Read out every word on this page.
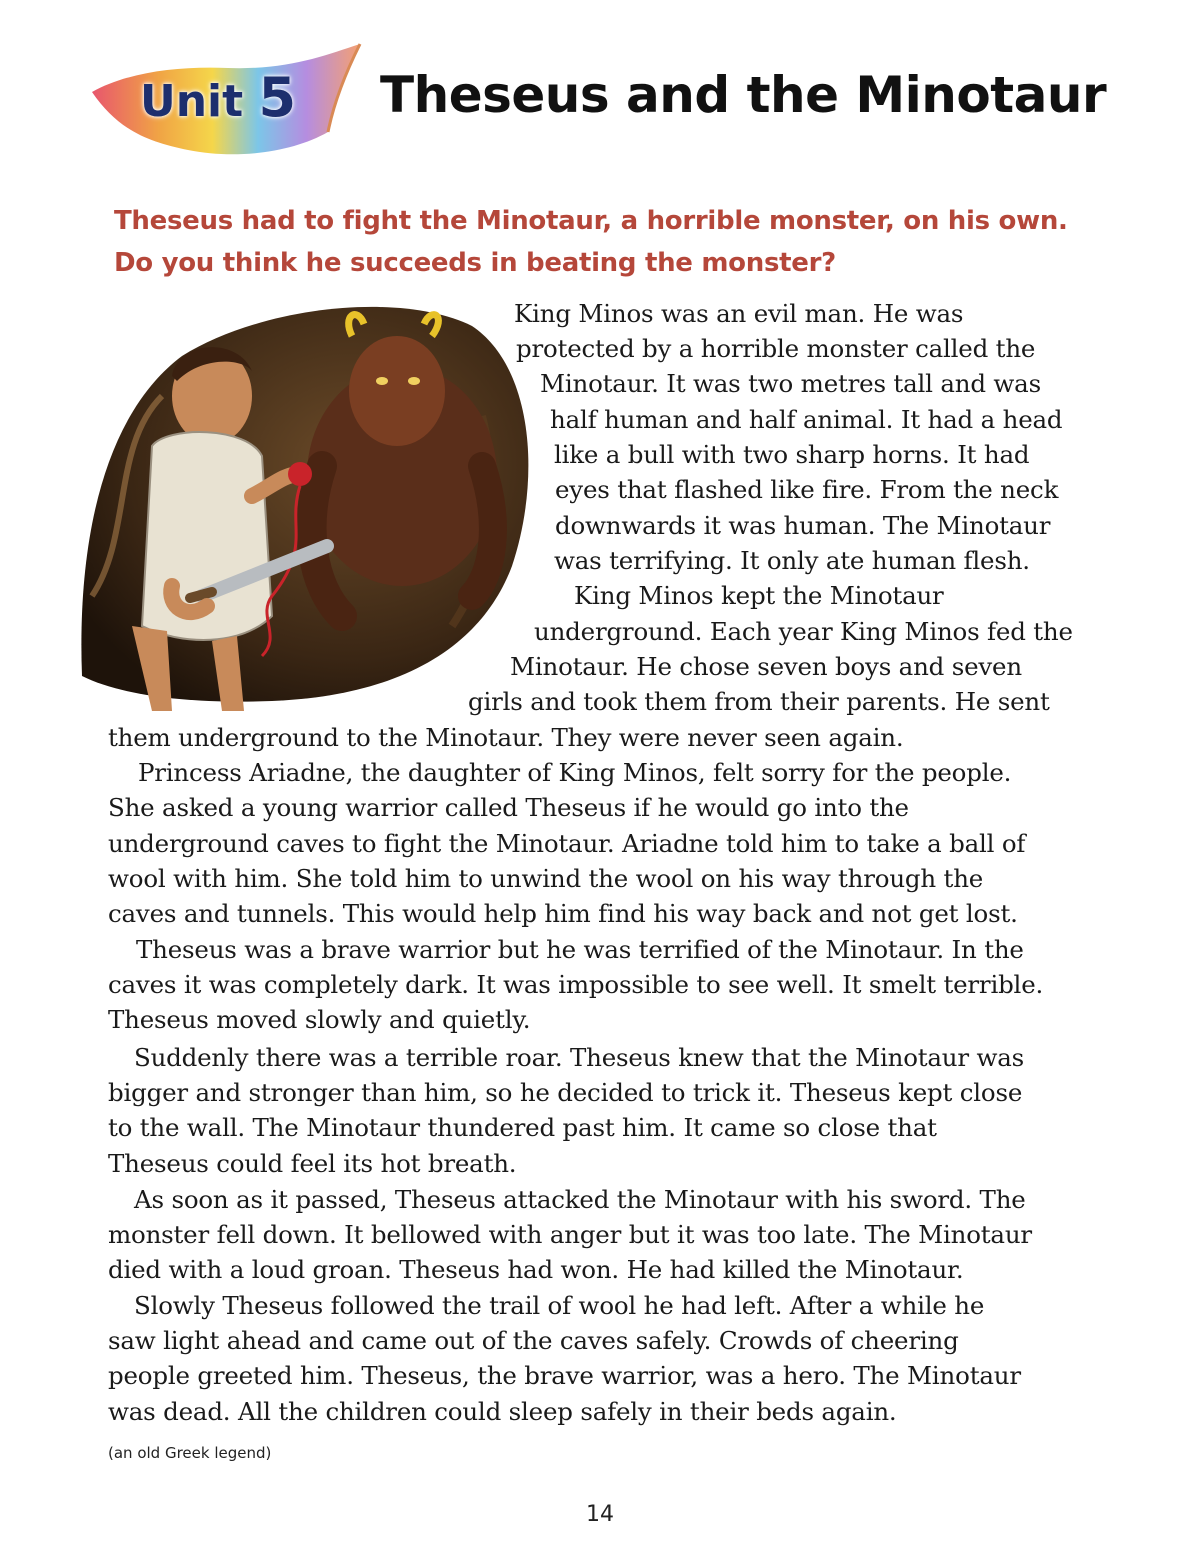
Unit 5 Theseus and the Minotaur
Theseus had to fight the Minotaur, a horrible monster, on his own.
Do you think he succeeds in beating the monster?
King Minos was an evil man. He was
protected by a horrible monster called the
Minotaur. It was two metres tall and was
half human and half animal. It had a head
like a bull with two sharp horns. It had
eyes that flashed like fire. From the neck
downwards it was human. The Minotaur
was terrifying. It only ate human flesh.
King Minos kept the Minotaur
underground. Each year King Minos fed the
Minotaur. He chose seven boys and seven
girls and took them from their parents. He sent
them underground to the Minotaur. They were never seen again.
Princess Ariadne, the daughter of King Minos, felt sorry for the people.
She asked a young warrior called Theseus if he would go into the
underground caves to fight the Minotaur. Ariadne told him to take a ball of
wool with him. She told him to unwind the wool on his way through the
caves and tunnels. This would help him find his way back and not get lost.
Theseus was a brave warrior but he was terrified of the Minotaur. In the
caves it was completely dark. It was impossible to see well. It smelt terrible.
Theseus moved slowly and quietly.
Suddenly there was a terrible roar. Theseus knew that the Minotaur was
bigger and stronger than him, so he decided to trick it. Theseus kept close
to the wall. The Minotaur thundered past him. It came so close that
Theseus could feel its hot breath.
As soon as it passed, Theseus attacked the Minotaur with his sword. The
monster fell down. It bellowed with anger but it was too late. The Minotaur
died with a loud groan. Theseus had won. He had killed the Minotaur.
Slowly Theseus followed the trail of wool he had left. After a while he
saw light ahead and came out of the caves safely. Crowds of cheering
people greeted him. Theseus, the brave warrior, was a hero. The Minotaur
was dead. All the children could sleep safely in their beds again.
(an old Greek legend)
14
